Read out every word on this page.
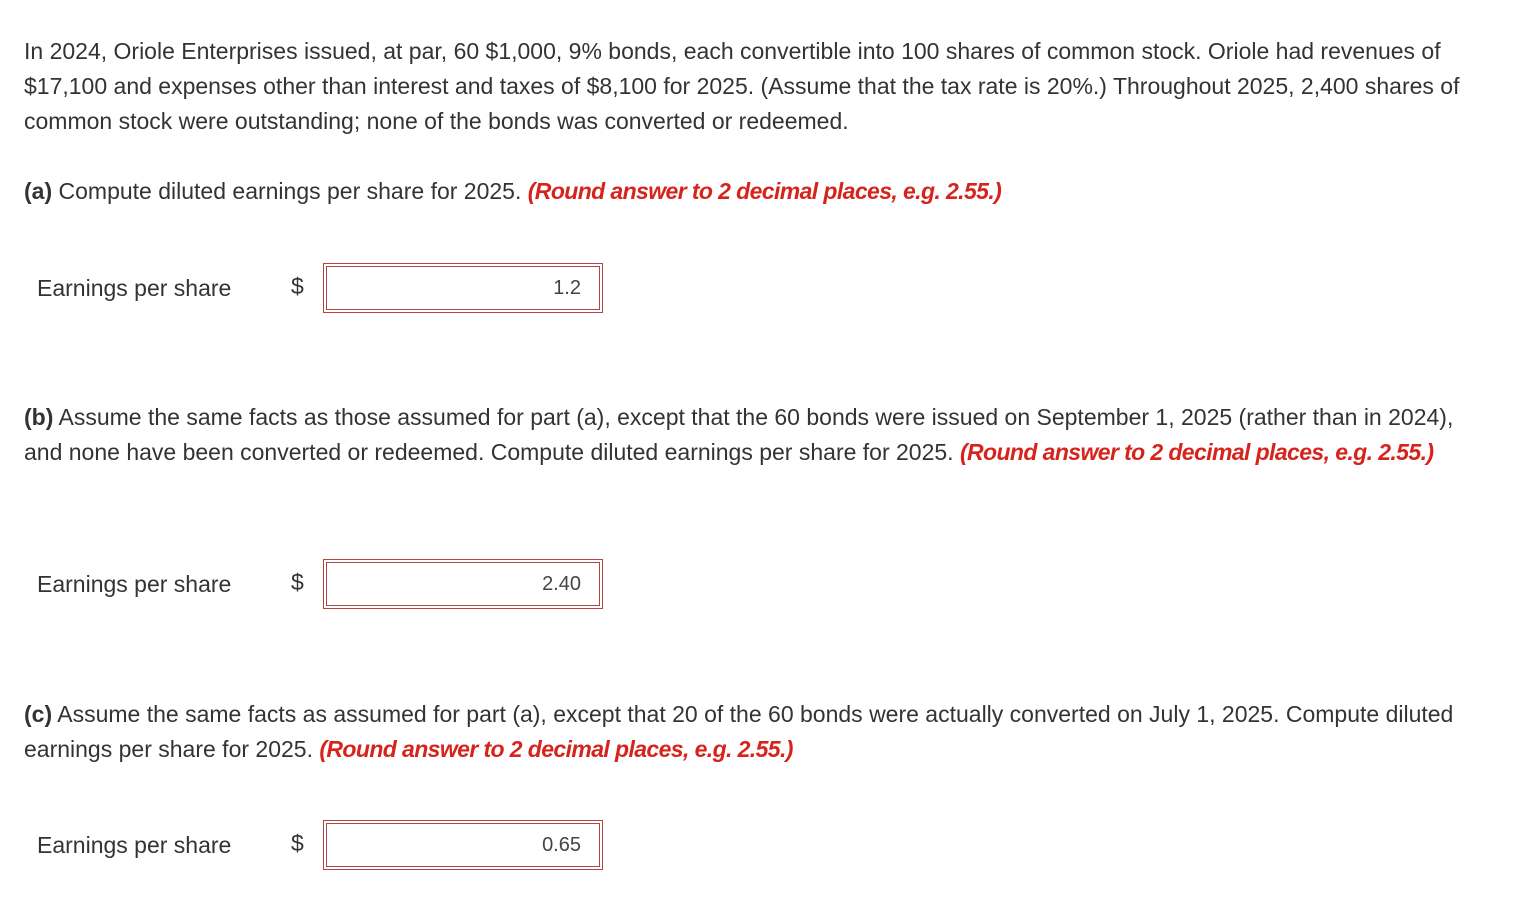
In 2024, Oriole Enterprises issued, at par, 60 $1,000, 9% bonds, each convertible into 100 shares of common stock. Oriole had revenues of $17,100 and expenses other than interest and taxes of $8,100 for 2025. (Assume that the tax rate is 20%.) Throughout 2025, 2,400 shares of common stock were outstanding; none of the bonds was converted or redeemed.

(a) Compute diluted earnings per share for 2025. (Round answer to 2 decimal places, e.g. 2.55.)

Earnings per share	$
1.2

(b) Assume the same facts as those assumed for part (a), except that the 60 bonds were issued on September 1, 2025 (rather than in 2024), and none have been converted or redeemed. Compute diluted earnings per share for 2025. (Round answer to 2 decimal places, e.g. 2.55.)

Earnings per share	$
2.40

(c) Assume the same facts as assumed for part (a), except that 20 of the 60 bonds were actually converted on July 1, 2025. Compute diluted earnings per share for 2025. (Round answer to 2 decimal places, e.g. 2.55.)

Earnings per share	$
0.65
